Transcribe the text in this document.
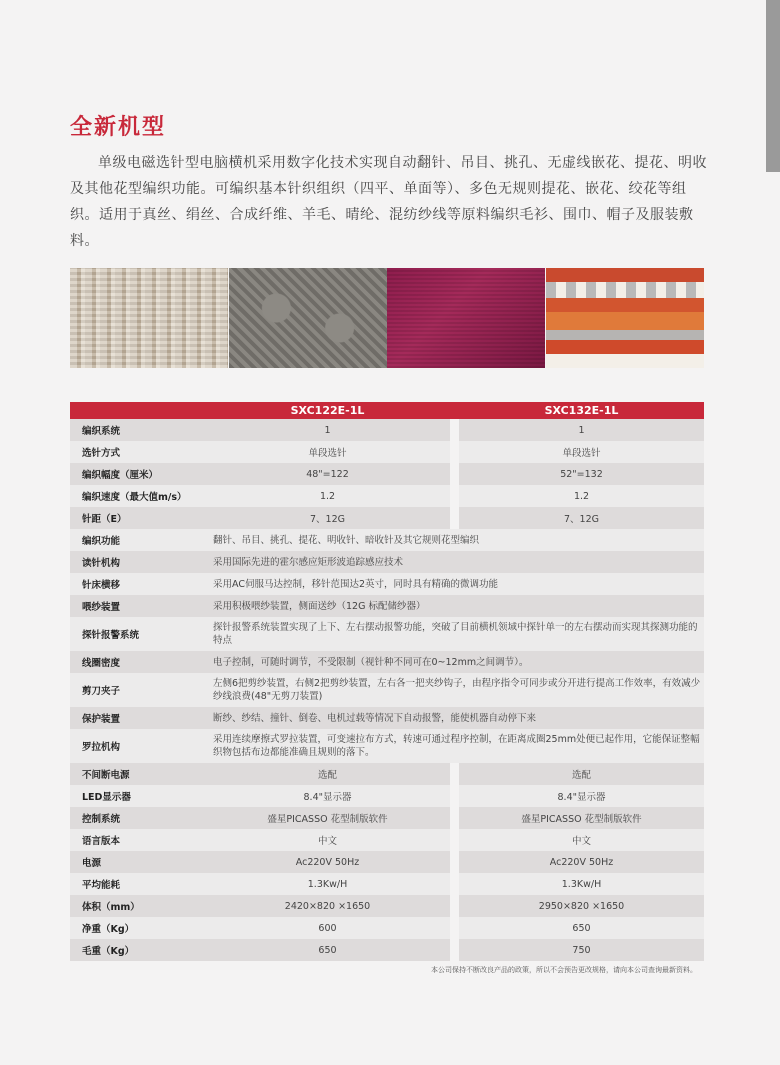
全新机型

单级电磁选针型电脑横机采用数字化技术实现自动翻针、吊目、挑孔、无虚线嵌花、提花、明收及其他花型编织功能。可编织基本针织组织（四平、单面等）、多色无规则提花、嵌花、绞花等组织。适用于真丝、绢丝、合成纤维、羊毛、晴纶、混纺纱线等原料编织毛衫、围巾、帽子及服装敷料。

	SXC122E-1L		SXC132E-1L
编织系统	1		1
选针方式	单段选针		单段选针
编织幅度（厘米）	48"=122		52"=132
编织速度（最大值m/s）	1.2		1.2
针距（E）	7、12G		7、12G
编织功能	翻针、吊目、挑孔、提花、明收针、暗收针及其它规则花型编织		
读针机构	采用国际先进的霍尔感应矩形波追踪感应技术		
针床横移	采用AC伺服马达控制，移针范围达2英寸，同时具有精确的微调功能		
喂纱装置	采用积极喂纱装置，侧面送纱（12G 标配储纱器）		
探针报警系统	探针报警系统装置实现了上下、左右摆动报警功能，突破了目前横机领域中探针单一的左右摆动而实现其探测功能的特点		
线圈密度	电子控制，可随时调节，不受限制（视针种不同可在0~12mm之间调节）。		
剪刀夹子	左侧6把剪纱装置，右侧2把剪纱装置，左右各一把夹纱钩子，由程序指令可同步或分开进行提高工作效率，有效减少纱线浪费(48"无剪刀装置)		
保护装置	断纱、纱结、撞针、倒卷、电机过载等情况下自动报警，能使机器自动停下来		
罗拉机构	采用连续摩擦式罗拉装置，可变速拉布方式，转速可通过程序控制，在距离成圈25mm处便已起作用，它能保证整幅织物包括布边都能准确且规则的落下。		
不间断电源	选配		选配
LED显示器	8.4"显示器		8.4"显示器
控制系统	盛星PICASSO 花型制版软件		盛星PICASSO 花型制版软件
语言版本	中文		中文
电源	Ac220V 50Hz		Ac220V 50Hz
平均能耗	1.3Kw/H		1.3Kw/H
体积（mm）	2420×820 ×1650		2950×820 ×1650
净重（Kg）	600		650
毛重（Kg）	650		750
本公司保持不断改良产品的政策，所以不会预告更改规格，请向本公司查询最新资料。
